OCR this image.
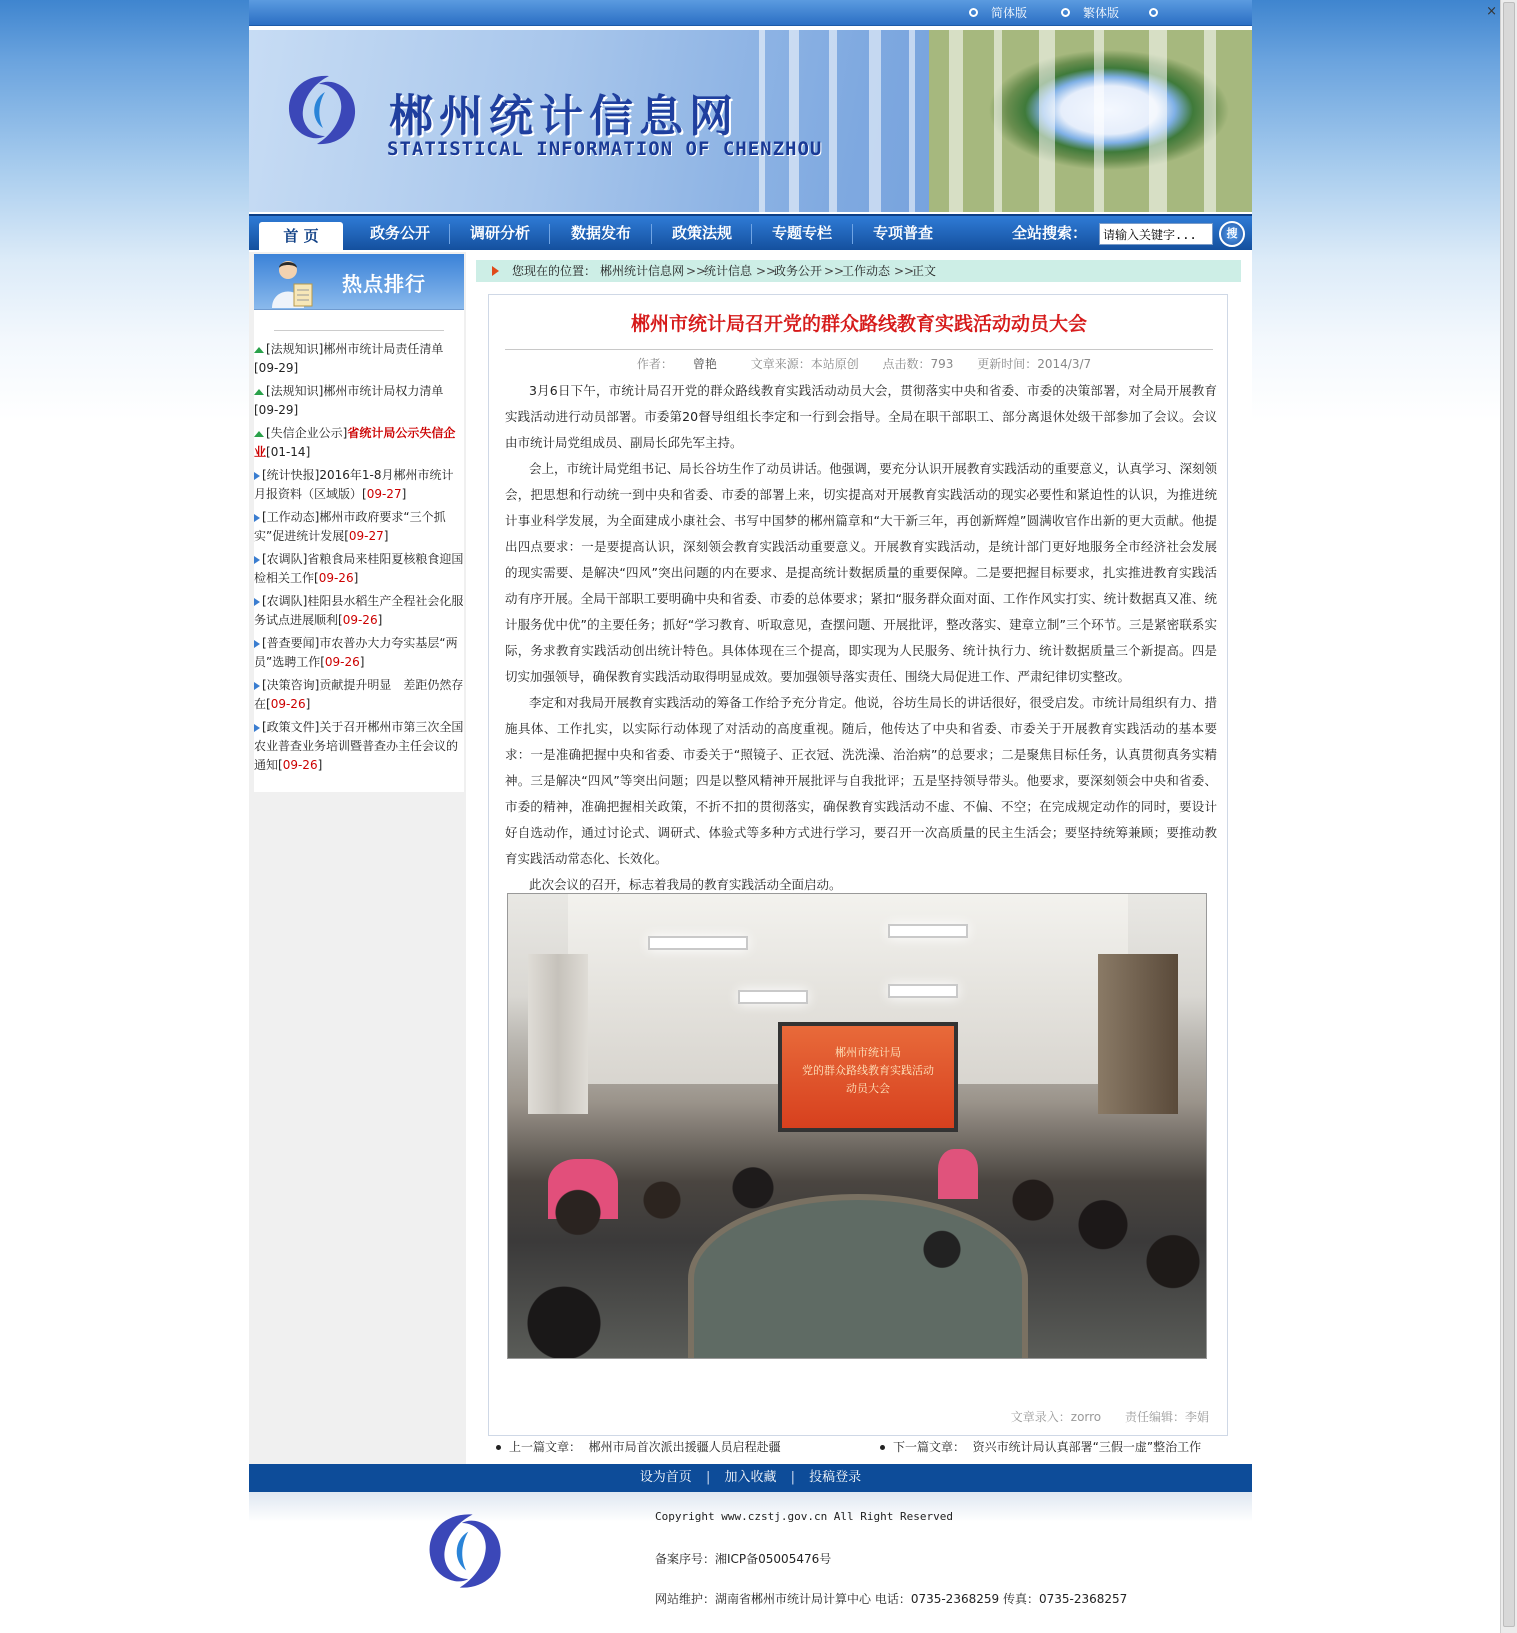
×
简体版	繁体版
郴州统计信息网
STATISTICAL INFORMATION OF CHENZHOU
首 页	政务公开	调研分析	数据发布	政策法规	专题专栏	专项普查	全站搜索：
请输入关键字...	搜
热点排行
[法规知识]郴州市统计局责任清单
[09-29]
[法规知识]郴州市统计局权力清单
[09-29]
[失信企业公示]省统计局公示失信企业[01-14]
[统计快报]2016年1-8月郴州市统计月报资料（区域版）[09-27]
[工作动态]郴州市政府要求“三个抓实”促进统计发展[09-27]
[农调队]省粮食局来桂阳夏核粮食迎国检相关工作[09-26]
[农调队]桂阳县水稻生产全程社会化服务试点进展顺利[09-26]
[普查要闻]市农普办大力夸实基层“两员”选聘工作[09-26]
[决策咨询]贡献提升明显　差距仍然存在[09-26]
[政策文件]关于召开郴州市第三次全国农业普查业务培训暨普查办主任会议的通知[09-26]
您现在的位置： 郴州统计信息网 >>
统计信息 >>
政务公开 >>
工作动态 >>
正文
郴州市统计局召开党的群众路线教育实践活动动员大会
作者： 曾艳	文章来源：本站原创 点击数：793 更新时间：2014/3/7

3月6日下午，市统计局召开党的群众路线教育实践活动动员大会，贯彻落实中央和省委、市委的决策部署，对全局开展教育实践活动进行动员部署。市委第20督导组组长李定和一行到会指导。全局在职干部职工、部分离退休处级干部参加了会议。会议由市统计局党组成员、副局长邱先军主持。

会上，市统计局党组书记、局长谷坊生作了动员讲话。他强调，要充分认识开展教育实践活动的重要意义，认真学习、深刻领会，把思想和行动统一到中央和省委、市委的部署上来，切实提高对开展教育实践活动的现实必要性和紧迫性的认识，为推进统计事业科学发展，为全面建成小康社会、书写中国梦的郴州篇章和“大干新三年，再创新辉煌”圆满收官作出新的更大贡献。他提出四点要求：一是要提高认识，深刻领会教育实践活动重要意义。开展教育实践活动，是统计部门更好地服务全市经济社会发展的现实需要、是解决“四风”突出问题的内在要求、是提高统计数据质量的重要保障。二是要把握目标要求，扎实推进教育实践活动有序开展。全局干部职工要明确中央和省委、市委的总体要求；紧扣“服务群众面对面、工作作风实打实、统计数据真又准、统计服务优中优”的主要任务；抓好“学习教育、听取意见，查摆问题、开展批评，整改落实、建章立制”三个环节。三是紧密联系实际，务求教育实践活动创出统计特色。具体体现在三个提高，即实现为人民服务、统计执行力、统计数据质量三个新提高。四是切实加强领导，确保教育实践活动取得明显成效。要加强领导落实责任、围绕大局促进工作、严肃纪律切实整改。

李定和对我局开展教育实践活动的筹备工作给予充分肯定。他说，谷坊生局长的讲话很好，很受启发。市统计局组织有力、措施具体、工作扎实，以实际行动体现了对活动的高度重视。随后，他传达了中央和省委、市委关于开展教育实践活动的基本要求：一是准确把握中央和省委、市委关于“照镜子、正衣冠、洗洗澡、治治病”的总要求；二是聚焦目标任务，认真贯彻真务实精神。三是解决“四风”等突出问题；四是以整风精神开展批评与自我批评；五是坚持领导带头。他要求，要深刻领会中央和省委、市委的精神，准确把握相关政策，不折不扣的贯彻落实，确保教育实践活动不虚、不偏、不空；在完成规定动作的同时，要设计好自选动作，通过讨论式、调研式、体验式等多种方式进行学习，要召开一次高质量的民主生活会；要坚持统筹兼顾；要推动教育实践活动常态化、长效化。

此次会议的召开，标志着我局的教育实践活动全面启动。

郴州市统计局
党的群众路线教育实践活动
动员大会
文章录入：zorro 责任编辑：李娟
上一篇文章： 郴州市局首次派出援疆人员启程赴疆	下一篇文章： 资兴市统计局认真部署“三假一虚”整治工作
设为首页 | 加入收藏 | 投稿登录
Copyright www.czstj.gov.cn All Right Reserved
备案序号：湘ICP备05005476号
网站维护：湖南省郴州市统计局计算中心 电话：0735-2368259 传真：0735-2368257
